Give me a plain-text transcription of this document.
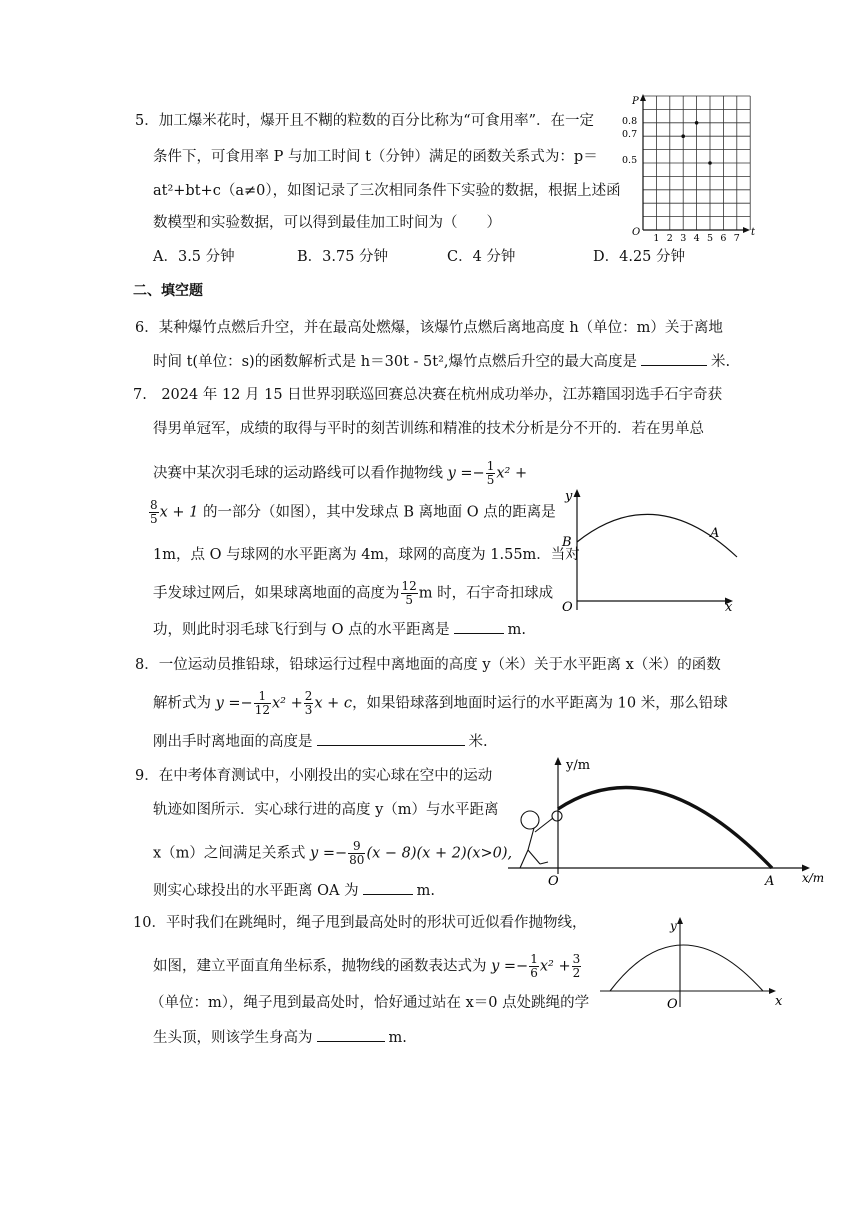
5．加工爆米花时，爆开且不糊的粒数的百分比称为“可食用率”．在一定
条件下，可食用率 P 与加工时间 t（分钟）满足的函数关系式为：p＝
at²+bt+c（a≠0），如图记录了三次相同条件下实验的数据，根据上述函
数模型和实验数据，可以得到最佳加工时间为（　　）
A．3.5 分钟	B．3.75 分钟	C．4 分钟	D．4.25 分钟
P
t
O
0.8
0.7
0.5
1 2 3 4 5 6 7
二、填空题
6．某种爆竹点燃后升空，并在最高处燃爆，该爆竹点燃后离地高度 h（单位：m）关于离地
时间 t(单位：s)的函数解析式是 h＝30t - 5t²,爆竹点燃后升空的最大高度是	米.
7.　2024 年 12 月 15 日世界羽联巡回赛总决赛在杭州成功举办，江苏籍国羽选手石宇奇获
得男单冠军，成绩的取得与平时的刻苦训练和精准的技术分析是分不开的．若在男单总
决赛中某次羽毛球的运动路线可以看作抛物线 $y =- \frac{1}{5} x^2$ +
$\frac{8}{5}$ x + 1 的一部分（如图），其中发球点 B 离地面 O 点的距离是
1m，点 O 与球网的水平距离为 4m，球网的高度为 1.55m．当对
手发球过网后，如果球离地面的高度为 $\frac{12}{5}$ m 时，石宇奇扣球成
功，则此时羽毛球飞行到与 O 点的水平距离是	m.
y
x
O
B
A
8．一位运动员推铅球，铅球运行过程中离地面的高度 y（米）关于水平距离 x（米）的函数
解析式为 $y =- \frac{1}{12} x^2 + \frac{2}{3}$ x + c，如果铅球落到地面时运行的水平距离为 10 米，那么铅球
刚出手时离地面的高度是	米.
9．在中考体育测试中，小刚投出的实心球在空中的运动
轨迹如图所示．实心球行进的高度 y（m）与水平距离
x（m）之间满足关系式 $y =- \frac{9}{80} (x - 8)(x + 2)(x>0)$,
则实心球投出的水平距离 OA 为	m.
y/m
x/m
O	A
10．平时我们在跳绳时，绳子甩到最高处时的形状可近似看作抛物线，
如图，建立平面直角坐标系，抛物线的函数表达式为 $y =- \frac{1}{6} x^2 + \frac{3}{2}$
（单位：m），绳子甩到最高处时，恰好通过站在 x＝0 点处跳绳的学
生头顶，则该学生身高为	m.
y
x
O
